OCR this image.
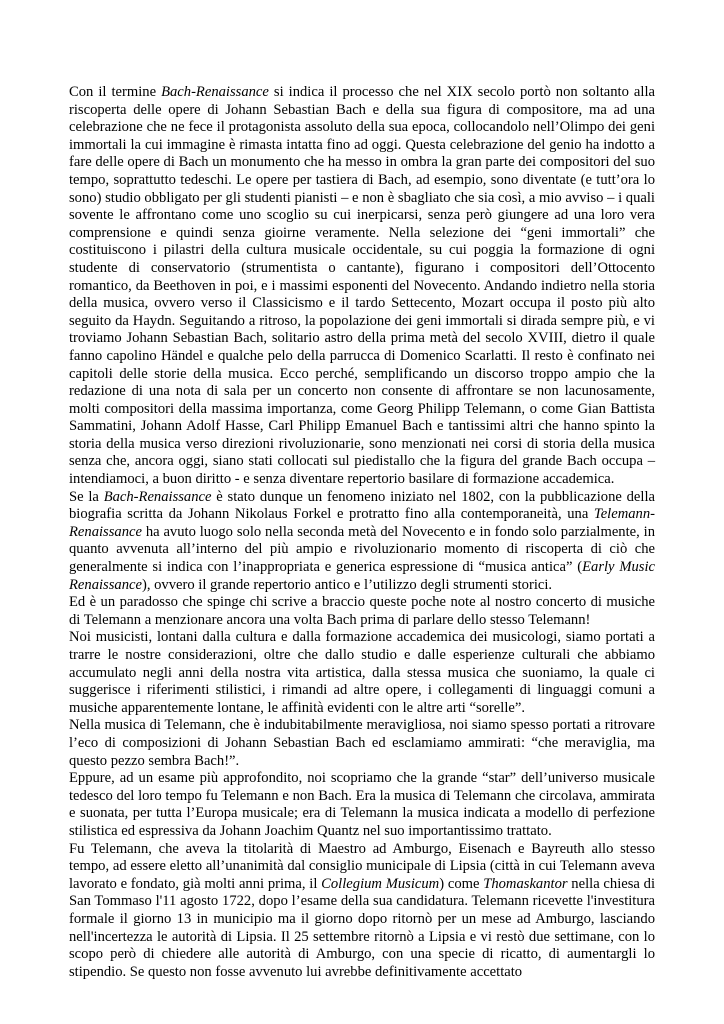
Con il termine Bach-Renaissance si indica il processo che nel XIX secolo portò non soltanto alla riscoperta delle opere di Johann Sebastian Bach e della sua figura di compositore, ma ad una celebrazione che ne fece il protagonista assoluto della sua epoca, collocandolo nell’Olimpo dei geni immortali la cui immagine è rimasta intatta fino ad oggi. Questa celebrazione del genio ha indotto a fare delle opere di Bach un monumento che ha messo in ombra la gran parte dei compositori del suo tempo, soprattutto tedeschi. Le opere per tastiera di Bach, ad esempio, sono diventate (e tutt’ora lo sono) studio obbligato per gli studenti pianisti – e non è sbagliato che sia così, a mio avviso – i quali sovente le affrontano come uno scoglio su cui inerpicarsi, senza però giungere ad una loro vera comprensione e quindi senza gioirne veramente. Nella selezione dei “geni immortali” che costituiscono i pilastri della cultura musicale occidentale, su cui poggia la formazione di ogni studente di conservatorio (strumentista o cantante), figurano i compositori dell’Ottocento romantico, da Beethoven in poi, e i massimi esponenti del Novecento. Andando indietro nella storia della musica, ovvero verso il Classicismo e il tardo Settecento, Mozart occupa il posto più alto seguito da Haydn. Seguitando a ritroso, la popolazione dei geni immortali si dirada sempre più, e vi troviamo Johann Sebastian Bach, solitario astro della prima metà del secolo XVIII, dietro il quale fanno capolino Händel e qualche pelo della parrucca di Domenico Scarlatti. Il resto è confinato nei capitoli delle storie della musica. Ecco perché, semplificando un discorso troppo ampio che la redazione di una nota di sala per un concerto non consente di affrontare se non lacunosamente, molti compositori della massima importanza, come Georg Philipp Telemann, o come Gian Battista Sammatini, Johann Adolf Hasse, Carl Philipp Emanuel Bach e tantissimi altri che hanno spinto la storia della musica verso direzioni rivoluzionarie, sono menzionati nei corsi di storia della musica senza che, ancora oggi, siano stati collocati sul piedistallo che la figura del grande Bach occupa – intendiamoci, a buon diritto - e senza diventare repertorio basilare di formazione accademica.

Se la Bach-Renaissance è stato dunque un fenomeno iniziato nel 1802, con la pubblicazione della biografia scritta da Johann Nikolaus Forkel e protratto fino alla contemporaneità, una Telemann-Renaissance ha avuto luogo solo nella seconda metà del Novecento e in fondo solo parzialmente, in quanto avvenuta all’interno del più ampio e rivoluzionario momento di riscoperta di ciò che generalmente si indica con l’inappropriata e generica espressione di “musica antica” (Early Music Renaissance), ovvero il grande repertorio antico e l’utilizzo degli strumenti storici.

Ed è un paradosso che spinge chi scrive a braccio queste poche note al nostro concerto di musiche di Telemann a menzionare ancora una volta Bach prima di parlare dello stesso Telemann!

Noi musicisti, lontani dalla cultura e dalla formazione accademica dei musicologi, siamo portati a trarre le nostre considerazioni, oltre che dallo studio e dalle esperienze culturali che abbiamo accumulato negli anni della nostra vita artistica, dalla stessa musica che suoniamo, la quale ci suggerisce i riferimenti stilistici, i rimandi ad altre opere, i collegamenti di linguaggi comuni a musiche apparentemente lontane, le affinità evidenti con le altre arti “sorelle”.

Nella musica di Telemann, che è indubitabilmente meravigliosa, noi siamo spesso portati a ritrovare l’eco di composizioni di Johann Sebastian Bach ed esclamiamo ammirati: “che meraviglia, ma questo pezzo sembra Bach!”.

Eppure, ad un esame più approfondito, noi scopriamo che la grande “star” dell’universo musicale tedesco del loro tempo fu Telemann e non Bach. Era la musica di Telemann che circolava, ammirata e suonata, per tutta l’Europa musicale; era di Telemann la musica indicata a modello di perfezione stilistica ed espressiva da Johann Joachim Quantz nel suo importantissimo trattato.

Fu Telemann, che aveva la titolarità di Maestro ad Amburgo, Eisenach e Bayreuth allo stesso tempo, ad essere eletto all’unanimità dal consiglio municipale di Lipsia (città in cui Telemann aveva lavorato e fondato, già molti anni prima, il Collegium Musicum) come Thomaskantor nella chiesa di San Tommaso l'11 agosto 1722, dopo l’esame della sua candidatura. Telemann ricevette l'investitura formale il giorno 13 in municipio ma il giorno dopo ritornò per un mese ad Amburgo, lasciando nell'incertezza le autorità di Lipsia. Il 25 settembre ritornò a Lipsia e vi restò due settimane, con lo scopo però di chiedere alle autorità di Amburgo, con una specie di ricatto, di aumentargli lo stipendio. Se questo non fosse avvenuto lui avrebbe definitivamente accettato
